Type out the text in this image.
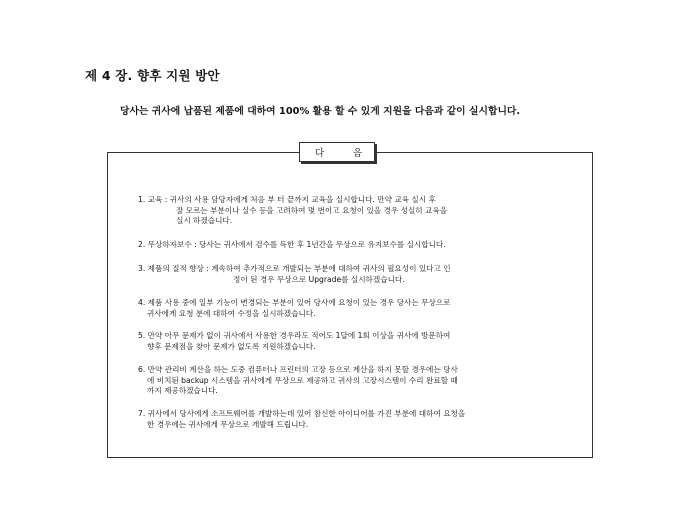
제 4 장. 향후 지원 방안
당사는 귀사에 납품된 제품에 대하여 100% 활용 할 수 있게 지원을 다음과 같이 실시합니다.
다	음
1. 교육 : 귀사의 사용 담당자에게 처음 부 터 끝까지 교육을 실시합니다. 만약 교육 실시 후
잘 모르는 부분이나 실수 등을 고려하여 몇 번이고 요청이 있을 경우 성실히 교육을
실시 하겠습니다.
2. 무상하자보수 : 당사는 귀사에서 검수를 득한 후 1년간을 무상으로 유지보수를 실시합니다.
3. 제품의 질적 향상 : 계속하여 추가적으로 개발되는 부분에 대하여 귀사의 필요성이 있다고 인
정이 된 경우 무상으로 Upgrade를 실시하겠습니다.
4. 제품 사용 중에 일부 기능이 변경되는 부분이 있어 당사에 요청이 있는 경우 당사는 무상으로
귀사에게 요청 분에 대하여 수정을 실시하겠습니다.
5. 만약 아무 문제가 없이 귀사에서 사용한 경우라도 적어도 1달에 1회 이상을 귀사에 방문하여
향후 문제점을 찾아 문제가 없도록 지원하겠습니다.
6. 만약 관리비 계산을 하는 도중 컴퓨터나 프린터의 고장 등으로 계산을 하지 못할 경우에는 당사
에 비치된 backup 시스템을 귀사에게 무상으로 제공하고 귀사의 고장시스템이 수리 완료할 때
까지 제공하겠습니다.
7. 귀사에서 당사에게 소프트웨어를 개발하는데 있어 참신한 아이디어를 가진 부분에 대하여 요청을
한 경우에는 귀사에게 무상으로 개발해 드립니다.
